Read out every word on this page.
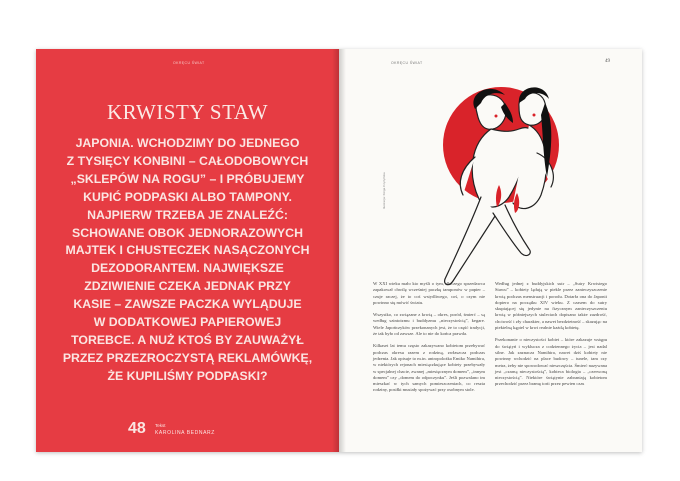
OKRĘCU ŚWIAT
KRWISTY STAW
JAPONIA. WCHODZIMY DO JEDNEGO
Z TYSIĘCY KONBINI – CAŁODOBOWYCH
„SKLEPÓW NA ROGU” – I PRÓBUJEMY
KUPIĆ PODPASKI ALBO TAMPONY.
NAJPIERW TRZEBA JE ZNALEŹĆ:
SCHOWANE OBOK JEDNORAZOWYCH
MAJTEK I CHUSTECZEK NASĄCZONYCH
DEZODORANTEM. NAJWIĘKSZE
ZDZIWIENIE CZEKA JEDNAK PRZY
KASIE – ZAWSZE PACZKA WYLĄDUJE
W DODATKOWEJ PAPIEROWEJ
TOREBCE. A NUŻ KTOŚ BY ZAUWAŻYŁ
PRZEZ PRZEZROCZYSTĄ REKLAMÓWKĘ,
ŻE KUPILIŚMY PODPASKI?
48 Tekst
KAROLINA BEDNARZ
OKRĘCU ŚWIAT	49
Ilustracja: Kinga Czyżyńska

W XXI wieku mało kto myśli o tym, dlaczego sprzedawca zapakował chwilę wcześniej paczkę tamponów w papier – czuje raczej, że to coś wstydliwego, coś, o czym nie powinno się mówić światu.

Wszystko, co związane z krwią – okres, poród, śmierć – są według szintoizmu i buddyzmu „nieczystością”, kegare. Wiele Japończyków przekonanych jest, że to część tradycji, że tak było od zawsze. Ale to nie do końca prawda.

Kilkaset lat temu często zakazywano kobietom przebywać podczas okresu razem z rodziną, zwłaszcza podczas jedzenia. Jak opisuje to m.in. antropolożka Emiko Namihira, w niektórych rejonach miesiączkujące kobiety przebywały w specjalnej chacie, zwanej „miesięcznym domem”, „innym domem” czy „domem do odpoczynku”. Jeśli pozwalano im mieszkać w tych samych pomieszczeniach, co reszta rodziny, posiłki musiały spożywać przy osobnym stole.

Według jednej z buddyjskich sutr – „Sutry Krwistego Stawu” – kobiety lądują w piekle przez zanieczyszczenie krwią podczas menstruacji i porodu. Dotarła ona do Japonii dopiero na początku XIV wieku. Z czasem do sutry skupiającej się jedynie na fizycznym zanieczyszczeniu krwią w późniejszych stuleciach dopisano także zazdrość, chciwość i zły charakter, a nawet bezdzietność – skazując na piekielną kąpiel w krwi realnie każdą kobietę.

Przekonanie o nieczystości kobiet – które zakazuje wstępu do świątyń i wyklucza z codziennego życia – jest nadal silne. Jak zaznacza Namihira, nawet dziś kobiety nie powinny wchodzić na place budowy – tunele, tam czy metra, żeby nie spowodować nieszczęścia. Śmierć nazywana jest „czarną nieczystością”, kobieca biologia – „czerwoną nieczystością”. Niektóre świątynie zabraniają kobietom przechodzić przez bramę torii przez pewien czas
